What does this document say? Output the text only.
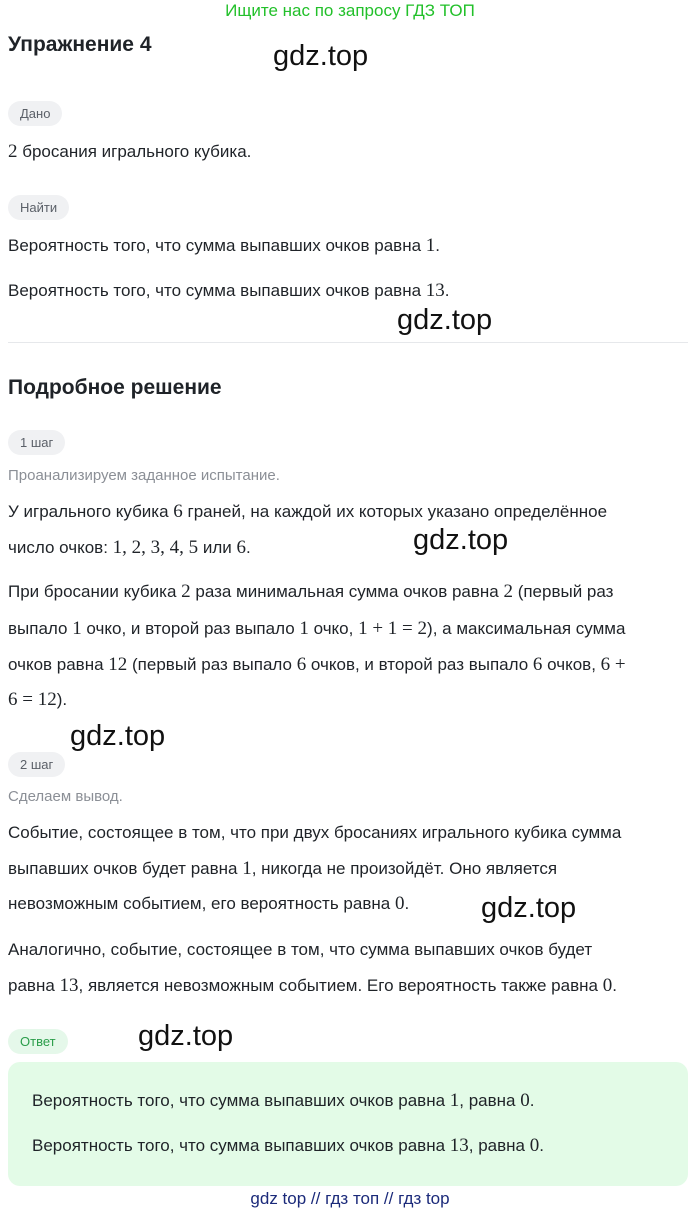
Ищите нас по запросу ГДЗ ТОП
Упражнение 4	gdz.top
Дано
2 бросания игрального кубика.
Найти
Вероятность того, что сумма выпавших очков равна 1.
Вероятность того, что сумма выпавших очков равна 13.
gdz.top
Подробное решение
1 шаг
Проанализируем заданное испытание.
У игрального кубика 6 граней, на каждой их которых указано определённое
число очков: 1, 2, 3, 4, 5 или 6.	gdz.top
При бросании кубика 2 раза минимальная сумма очков равна 2 (первый раз
выпало 1 очко, и второй раз выпало 1 очко, 1 + 1 = 2), а максимальная сумма
очков равна 12 (первый раз выпало 6 очков, и второй раз выпало 6 очков, 6 +
6 = 12).
gdz.top
2 шаг
Сделаем вывод.
Событие, состоящее в том, что при двух бросаниях игрального кубика сумма
выпавших очков будет равна 1, никогда не произойдёт. Оно является
невозможным событием, его вероятность равна 0.	gdz.top
Аналогично, событие, состоящее в том, что сумма выпавших очков будет
равна 13, является невозможным событием. Его вероятность также равна 0.
Ответ	gdz.top
Вероятность того, что сумма выпавших очков равна 1, равна 0.
Вероятность того, что сумма выпавших очков равна 13, равна 0.
gdz top // гдз топ // гдз top
